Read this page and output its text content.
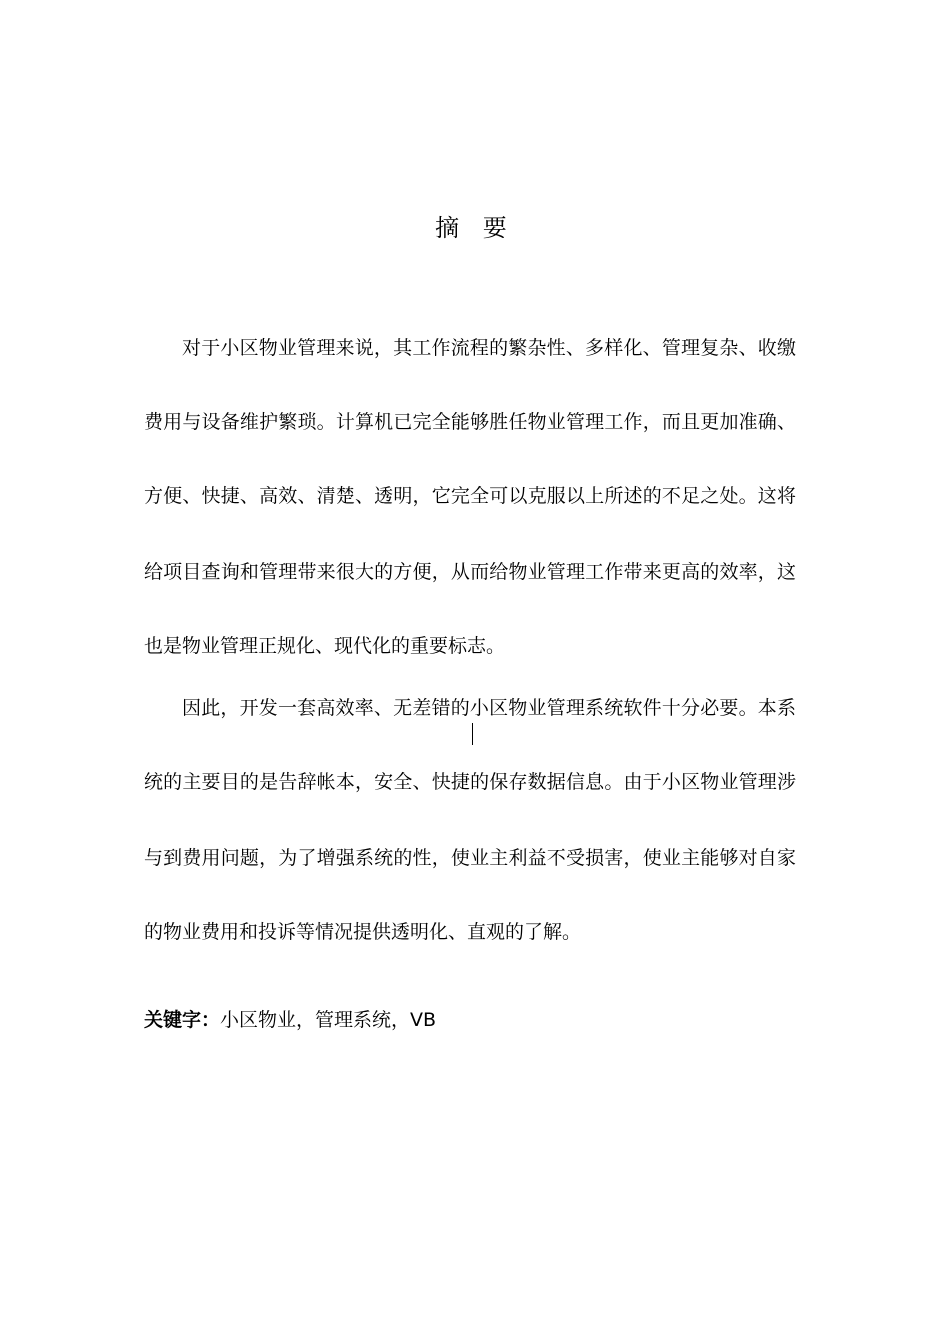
摘 要
对于小区物业管理来说，其工作流程的繁杂性、多样化、管理复杂、收缴
费用与设备维护繁琐。计算机已完全能够胜任物业管理工作，而且更加准确、
方便、快捷、高效、清楚、透明，它完全可以克服以上所述的不足之处。这将
给项目查询和管理带来很大的方便，从而给物业管理工作带来更高的效率，这
也是物业管理正规化、现代化的重要标志。
因此，开发一套高效率、无差错的小区物业管理系统软件十分必要。本系
统的主要目的是告辞帐本，安全、快捷的保存数据信息。由于小区物业管理涉
与到费用问题，为了增强系统的性，使业主利益不受损害，使业主能够对自家
的物业费用和投诉等情况提供透明化、直观的了解。
关键字：小区物业，管理系统，VB
